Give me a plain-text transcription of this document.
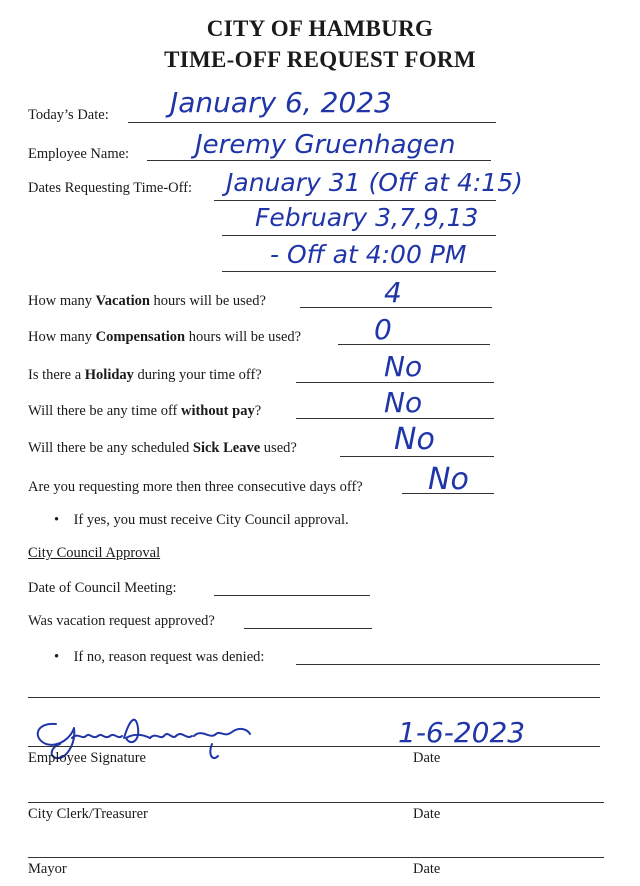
CITY OF HAMBURG
TIME-OFF REQUEST FORM
Today’s Date: January 6, 2023
Employee Name:	Jeremy Gruenhagen
Dates Requesting Time-Off: January 31 (Off at 4:15)
February 3,7,9,13
- Off at 4:00 PM
How many Vacation hours will be used?	4
How many Compensation hours will be used?	0
Is there a Holiday during your time off?	No
Will there be any time off without pay?	No
Will there be any scheduled Sick Leave used?	No
Are you requesting more then three consecutive days off? No
•    If yes, you must receive City Council approval.
City Council Approval
Date of Council Meeting:
Was vacation request approved?
•    If no, reason request was denied:
Employee Signature
1-6-2023
Date
City Clerk/Treasurer	Date
Mayor	Date
